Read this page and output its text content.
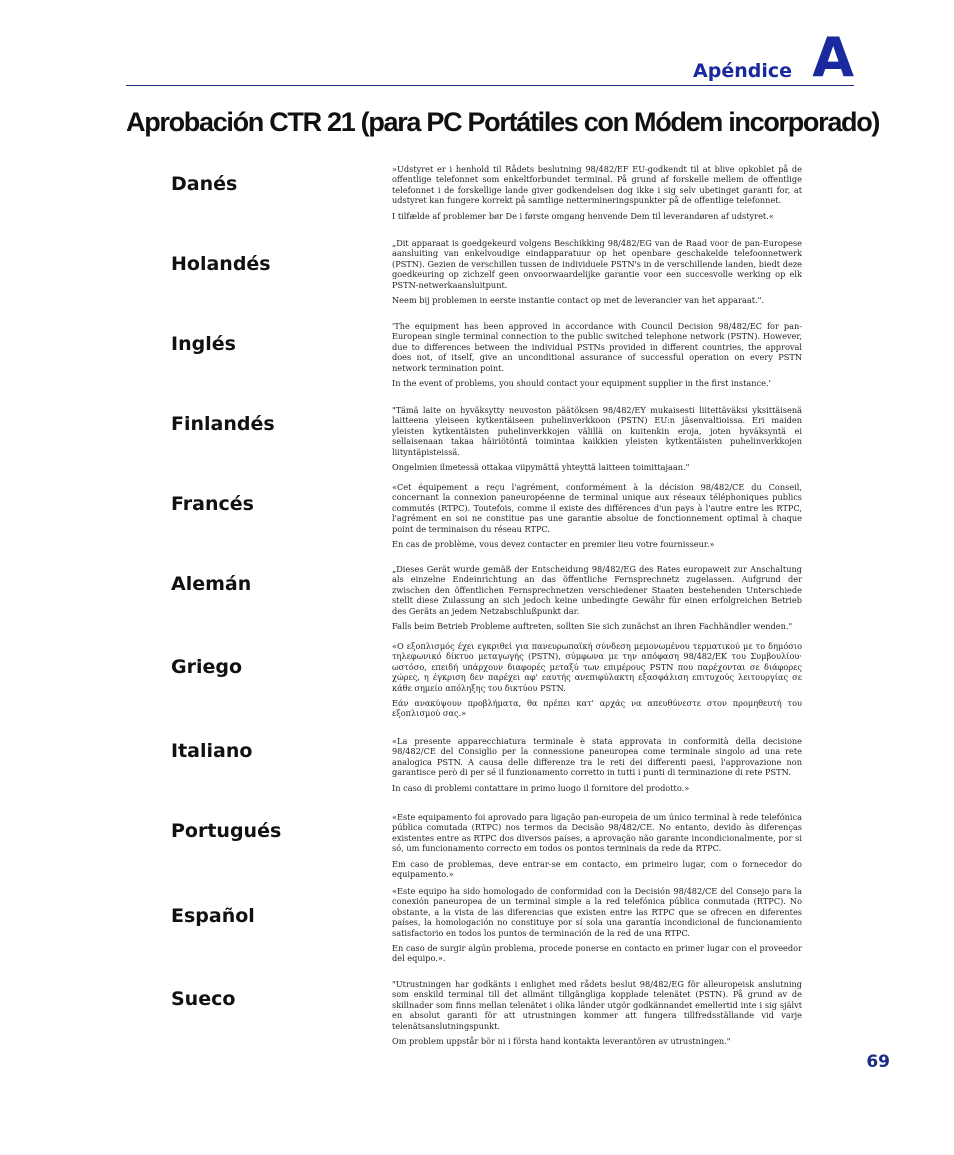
Apéndice A
Aprobación CTR 21 (para PC Portátiles con Módem incorporado)
Danés

»Udstyret er i henhold til Rådets beslutning 98/482/EF EU-godkendt til at blive opkoblet på de offentlige telefonnet som enkeltforbundet terminal. På grund af forskelle mellem de offentlige telefonnet i de forskellige lande giver godkendelsen dog ikke i sig selv ubetinget garanti for, at udstyret kan fungere korrekt på samtlige nettermineringspunkter på de offentlige telefonnet.

I tilfælde af problemer bør De i første omgang henvende Dem til leverandøren af udstyret.«

Holandés

„Dit apparaat is goedgekeurd volgens Beschikking 98/482/EG van de Raad voor de pan-Europese aansluiting van enkelvoudige eindapparatuur op het openbare geschakelde telefoonnetwerk (PSTN). Gezien de verschillen tussen de individuele PSTN's in de verschillende landen, biedt deze goedkeuring op zichzelf geen onvoorwaardelijke garantie voor een succesvolle werking op elk PSTN-netwerkaansluitpunt.

Neem bij problemen in eerste instantie contact op met de leverancier van het apparaat.".

Inglés

'The equipment has been approved in accordance with Council Decision 98/482/EC for pan-European single terminal connection to the public switched telephone network (PSTN). However, due to differences between the individual PSTNs provided in different countries, the approval does not, of itself, give an unconditional assurance of successful operation on every PSTN network termination point.

In the event of problems, you should contact your equipment supplier in the first instance.'

Finlandés

"Tämä laite on hyväksytty neuvoston päätöksen 98/482/EY mukaisesti liitettäväksi yksittäisenä laitteena yleiseen kytkentäiseen puhelinverkkoon (PSTN) EU:n jäsenvaltioissa. Eri maiden yleisten kytkentäisten puhelinverkkojen välillä on kuitenkin eroja, joten hyväksyntä ei sellaisenaan takaa häiriötöntä toimintaa kaikkien yleisten kytkentäisten puhelinverkkojen liityntäpisteissä.

Ongelmien ilmetessä ottakaa viipymättä yhteyttä laitteen toimittajaan."

Francés

«Cet équipement a reçu l'agrément, conformément à la décision 98/482/CE du Conseil, concernant la connexion paneuropéenne de terminal unique aux réseaux téléphoniques publics commutés (RTPC). Toutefois, comme il existe des différences d'un pays à l'autre entre les RTPC, l'agrément en soi ne constitue pas une garantie absolue de fonctionnement optimal à chaque point de terminaison du réseau RTPC.

En cas de problème, vous devez contacter en premier lieu votre fournisseur.»

Alemán

„Dieses Gerät wurde gemäß der Entscheidung 98/482/EG des Rates europaweit zur Anschaltung als einzelne Endeinrichtung an das öffentliche Fernsprechnetz zugelassen. Aufgrund der zwischen den öffentlichen Fernsprechnetzen verschiedener Staaten bestehenden Unterschiede stellt diese Zulassung an sich jedoch keine unbedingte Gewähr für einen erfolgreichen Betrieb des Geräts an jedem Netzabschlußpunkt dar.

Falls beim Betrieb Probleme auftreten, sollten Sie sich zunächst an ihren Fachhändler wenden."

Griego

«Ο εξοπλισμός έχει εγκριθεί για πανευρωπαϊκή σύνδεση μεμονωμένου τερματικού με το δημόσιο τηλεφωνικό δίκτυο μεταγωγής (PSTN), σύμφωνα με την απόφαση 98/482/ΕΚ του Συμβουλίου· ωστόσο, επειδή υπάρχουν διαφορές μεταξύ των επιμέρους PSTN που παρέχονται σε διάφορες χώρες, η έγκριση δεν παρέχει αφ' εαυτής ανεπιφύλακτη εξασφάλιση επιτυχούς λειτουργίας σε κάθε σημείο απόληξης του δικτύου PSTN.

Εάν ανακύψουν προβλήματα, θα πρέπει κατ' αρχάς να απευθύνεστε στον προμηθευτή του εξοπλισμού σας.»

Italiano	«La presente apparecchiatura terminale è stata approvata in conformità della decisione 98/482/CE del Consiglio per la connessione paneuropea come terminale singolo ad una rete analogica PSTN. A causa delle differenze tra le reti dei differenti paesi, l'approvazione non garantisce però di per sé il funzionamento corretto in tutti i punti di terminazione di rete PSTN.

In caso di problemi contattare in primo luogo il fornitore del prodotto.»

Portugués

«Este equipamento foi aprovado para ligação pan-europeia de um único terminal à rede telefónica pública comutada (RTPC) nos termos da Decisão 98/482/CE. No entanto, devido às diferenças existentes entre as RTPC dos diversos países, a aprovação não garante incondicionalmente, por si só, um funcionamento correcto em todos os pontos terminais da rede da RTPC.

Em caso de problemas, deve entrar-se em contacto, em primeiro lugar, com o fornecedor do equipamento.»

Español

«Este equipo ha sido homologado de conformidad con la Decisión 98/482/CE del Consejo para la conexión paneuropea de un terminal simple a la red telefónica pública conmutada (RTPC). No obstante, a la vista de las diferencias que existen entre las RTPC que se ofrecen en diferentes países, la homologación no constituye por sí sola una garantía incondicional de funcionamiento satisfactorio en todos los puntos de terminación de la red de una RTPC.

En caso de surgir algún problema, procede ponerse en contacto en primer lugar con el proveedor del equipo.».

Sueco

"Utrustningen har godkänts i enlighet med rådets beslut 98/482/EG för alleuropeisk anslutning som enskild terminal till det allmänt tillgängliga kopplade telenätet (PSTN). På grund av de skillnader som finns mellan telenätet i olika länder utgör godkännandet emellertid inte i sig självt en absolut garanti för att utrustningen kommer att fungera tillfredsställande vid varje telenätsanslutningspunkt.

Om problem uppstår bör ni i första hand kontakta leverantören av utrustningen."

69
